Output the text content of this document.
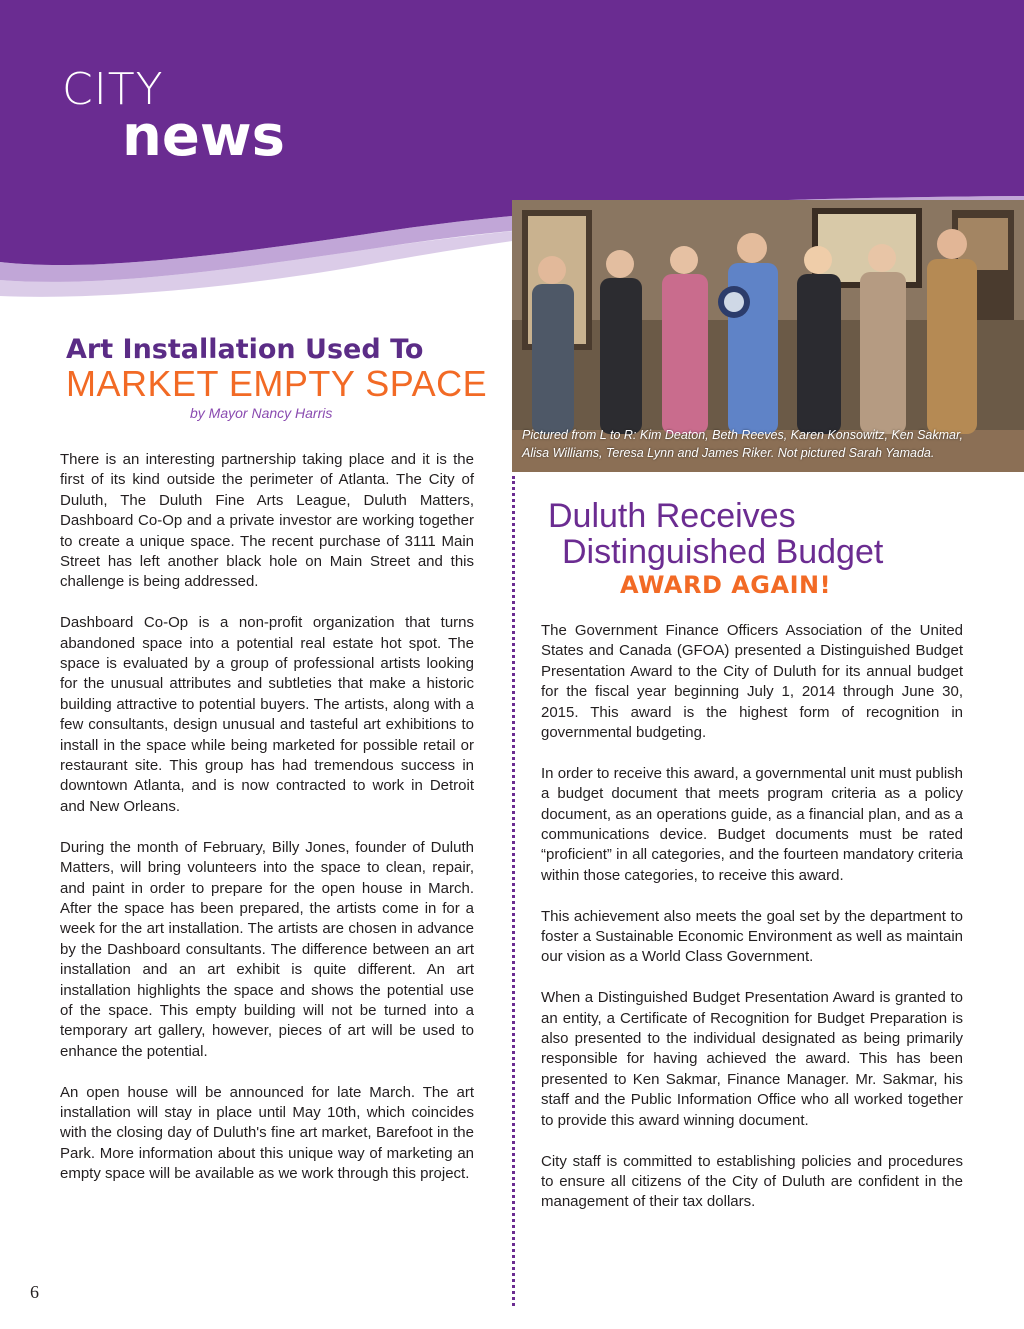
CITY
news
Pictured from L to R: Kim Deaton, Beth Reeves, Karen Konsowitz, Ken Sakmar,
Alisa Williams, Teresa Lynn and James Riker. Not pictured Sarah Yamada.
Art Installation Used To
MARKET EMPTY SPACE
by Mayor Nancy Harris

There is an interesting partnership taking place and it is the first of its kind outside the perimeter of Atlanta. The City of Duluth, The Duluth Fine Arts League, Duluth Matters, Dashboard Co-Op and a private investor are working together to create a unique space. The recent purchase of 3111 Main Street has left another black hole on Main Street and this challenge is being addressed.

Dashboard Co-Op is a non-profit organization that turns abandoned space into a potential real estate hot spot. The space is evaluated by a group of professional artists looking for the unusual attributes and subtleties that make a historic building attractive to potential buyers. The artists, along with a few consultants, design unusual and tasteful art exhibitions to install in the space while being marketed for possible retail or restaurant site. This group has had tremendous success in downtown Atlanta, and is now contracted to work in Detroit and New Orleans.

During the month of February, Billy Jones, founder of Duluth Matters, will bring volunteers into the space to clean, repair, and paint in order to prepare for the open house in March. After the space has been prepared, the artists come in for a week for the art installation. The artists are chosen in advance by the Dashboard consultants. The difference between an art installation and an art exhibit is quite different. An art installation highlights the space and shows the potential use of the space. This empty building will not be turned into a temporary art gallery, however, pieces of art will be used to enhance the potential.

An open house will be announced for late March. The art installation will stay in place until May 10th, which coincides with the closing day of Duluth's fine art market, Barefoot in the Park. More information about this unique way of marketing an empty space will be available as we work through this project.

Duluth Receives
Distinguished Budget
AWARD AGAIN!

The Government Finance Officers Association of the United States and Canada (GFOA) presented a Distinguished Budget Presentation Award to the City of Duluth for its annual budget for the fiscal year beginning July 1, 2014 through June 30, 2015. This award is the highest form of recognition in governmental budgeting.

In order to receive this award, a governmental unit must publish a budget document that meets program criteria as a policy document, as an operations guide, as a financial plan, and as a communications device. Budget documents must be rated “proficient” in all categories, and the fourteen mandatory criteria within those categories, to receive this award.

This achievement also meets the goal set by the department to foster a Sustainable Economic Environment as well as maintain our vision as a World Class Government.

When a Distinguished Budget Presentation Award is granted to an entity, a Certificate of Recognition for Budget Preparation is also presented to the individual designated as being primarily responsible for having achieved the award. This has been presented to Ken Sakmar, Finance Manager. Mr. Sakmar, his staff and the Public Information Office who all worked together to provide this award winning document.

City staff is committed to establishing policies and procedures to ensure all citizens of the City of Duluth are confident in the management of their tax dollars.

6
